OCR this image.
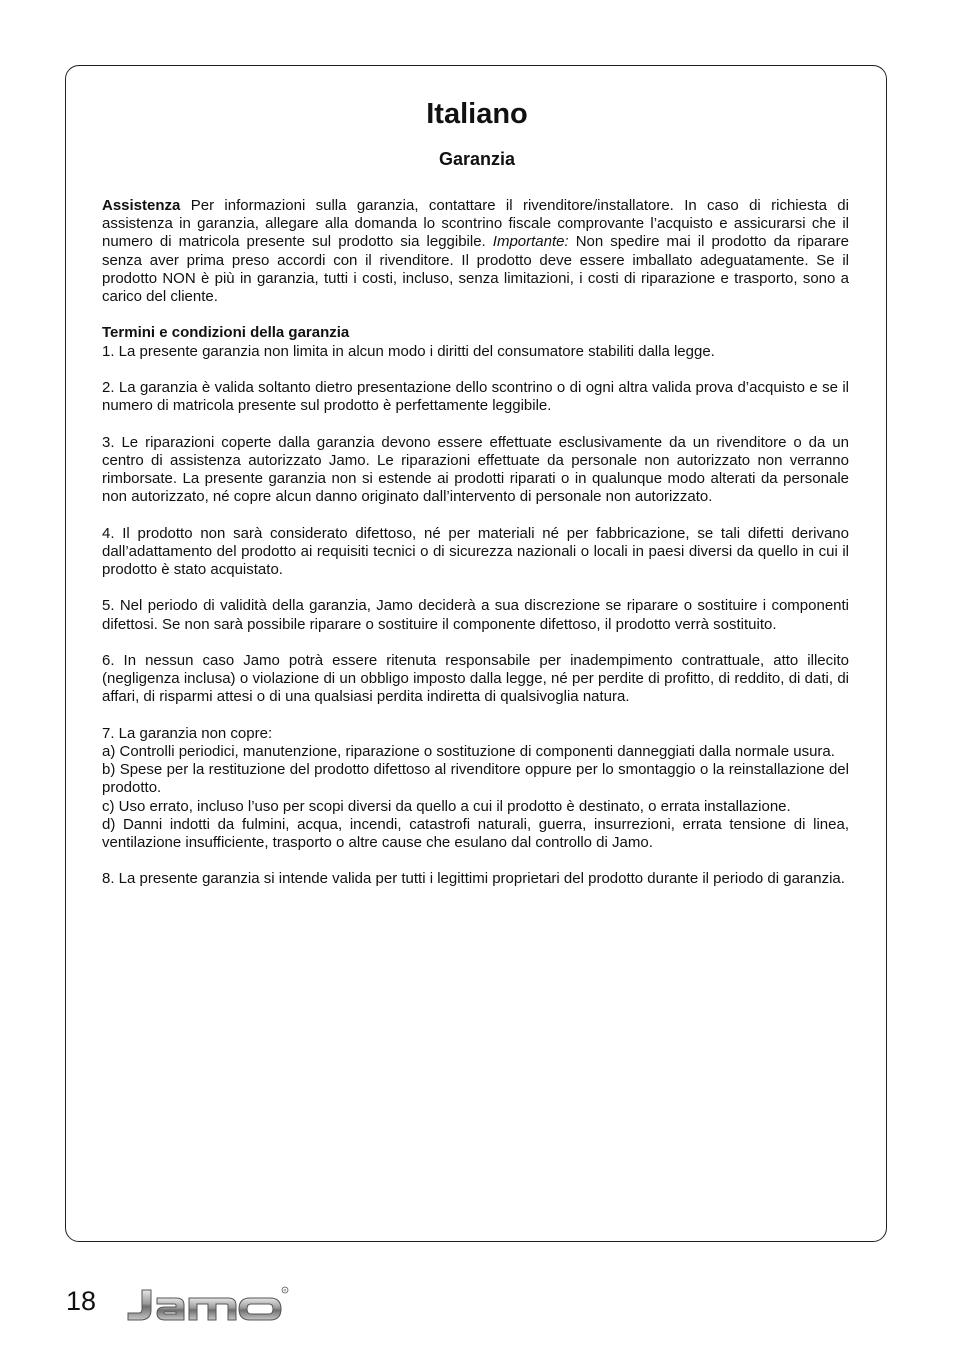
Italiano
Garanzia

Assistenza Per informazioni sulla garanzia, contattare il rivenditore/installatore. In caso di richiesta di assistenza in garanzia, allegare alla domanda lo scontrino fiscale comprovante l’acquisto e assicurarsi che il numero di matricola presente sul prodotto sia leggibile. Importante: Non spedire mai il prodotto da riparare senza aver prima preso accordi con il rivenditore. Il prodotto deve essere imballato adeguatamente. Se il prodotto NON è più in garanzia, tutti i costi, incluso, senza limitazioni, i costi di riparazione e trasporto, sono a carico del cliente.

Termini e condizioni della garanzia

1. La presente garanzia non limita in alcun modo i diritti del consumatore stabiliti dalla legge.

2. La garanzia è valida soltanto dietro presentazione dello scontrino o di ogni altra valida prova d’acquisto e se il numero di matricola presente sul prodotto è perfettamente leggibile.

3. Le riparazioni coperte dalla garanzia devono essere effettuate esclusivamente da un rivenditore o da un centro di assistenza autorizzato Jamo. Le riparazioni effettuate da personale non autorizzato non verranno rimborsate. La presente garanzia non si estende ai prodotti riparati o in qualunque modo alterati da personale non autorizzato, né copre alcun danno originato dall’intervento di personale non autorizzato.

4. Il prodotto non sarà considerato difettoso, né per materiali né per fabbricazione, se tali difetti derivano dall’adattamento del prodotto ai requisiti tecnici o di sicurezza nazionali o locali in paesi diversi da quello in cui il prodotto è stato acquistato.

5. Nel periodo di validità della garanzia, Jamo deciderà a sua discrezione se riparare o sostituire i componenti difettosi. Se non sarà possibile riparare o sostituire il componente difettoso, il prodotto verrà sostituito.

6. In nessun caso Jamo potrà essere ritenuta responsabile per inadempimento contrattuale, atto illecito (negligenza inclusa) o violazione di un obbligo imposto dalla legge, né per perdite di profitto, di reddito, di dati, di affari, di risparmi attesi o di una qualsiasi perdita indiretta di qualsivoglia natura.

7. La garanzia non copre:

a) Controlli periodici, manutenzione, riparazione o sostituzione di componenti danneggiati dalla normale usura.

b) Spese per la restituzione del prodotto difettoso al rivenditore oppure per lo smontaggio o la reinstallazione del prodotto.

c) Uso errato, incluso l’uso per scopi diversi da quello a cui il prodotto è destinato, o errata installazione.

d) Danni indotti da fulmini, acqua, incendi, catastrofi naturali, guerra, insurrezioni, errata tensione di linea, ventilazione insufficiente, trasporto o altre cause che esulano dal controllo di Jamo.

8. La presente garanzia si intende valida per tutti i legittimi proprietari del prodotto durante il periodo di garanzia.

18	R
